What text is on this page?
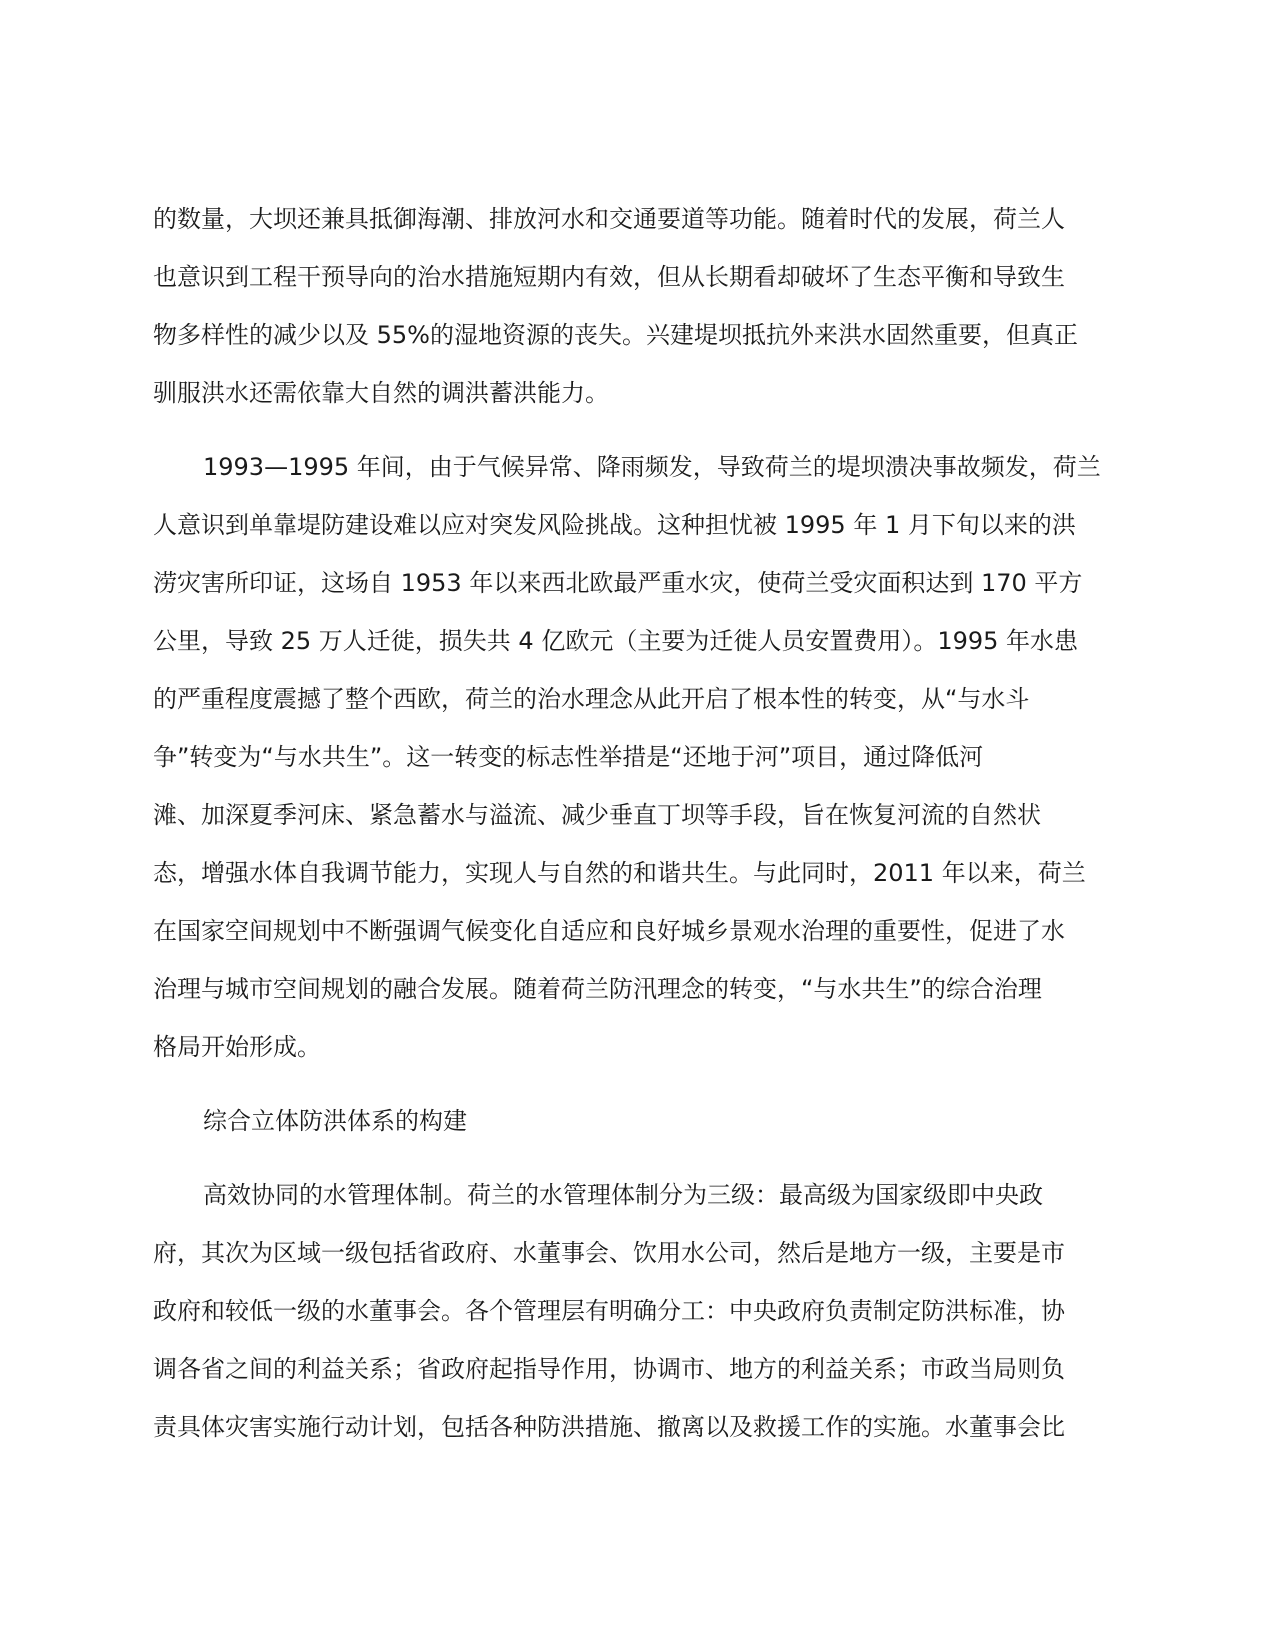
的数量，大坝还兼具抵御海潮、排放河水和交通要道等功能。随着时代的发展，荷兰人
也意识到工程干预导向的治水措施短期内有效，但从长期看却破坏了生态平衡和导致生
物多样性的减少以及 55%的湿地资源的丧失。兴建堤坝抵抗外来洪水固然重要，但真正
驯服洪水还需依靠大自然的调洪蓄洪能力。
1993—1995 年间，由于气候异常、降雨频发，导致荷兰的堤坝溃决事故频发，荷兰
人意识到单靠堤防建设难以应对突发风险挑战。这种担忧被 1995 年 1 月下旬以来的洪
涝灾害所印证，这场自 1953 年以来西北欧最严重水灾，使荷兰受灾面积达到 170 平方
公里，导致 25 万人迁徙，损失共 4 亿欧元（主要为迁徙人员安置费用）。1995 年水患
的严重程度震撼了整个西欧，荷兰的治水理念从此开启了根本性的转变，从“与水斗
争”转变为“与水共生”。这一转变的标志性举措是“还地于河”项目，通过降低河
滩、加深夏季河床、紧急蓄水与溢流、减少垂直丁坝等手段，旨在恢复河流的自然状
态，增强水体自我调节能力，实现人与自然的和谐共生。与此同时，2011 年以来，荷兰
在国家空间规划中不断强调气候变化自适应和良好城乡景观水治理的重要性，促进了水
治理与城市空间规划的融合发展。随着荷兰防汛理念的转变，“与水共生”的综合治理
格局开始形成。
综合立体防洪体系的构建
高效协同的水管理体制。荷兰的水管理体制分为三级：最高级为国家级即中央政
府，其次为区域一级包括省政府、水董事会、饮用水公司，然后是地方一级，主要是市
政府和较低一级的水董事会。各个管理层有明确分工：中央政府负责制定防洪标准，协
调各省之间的利益关系；省政府起指导作用，协调市、地方的利益关系；市政当局则负
责具体灾害实施行动计划，包括各种防洪措施、撤离以及救援工作的实施。水董事会比
